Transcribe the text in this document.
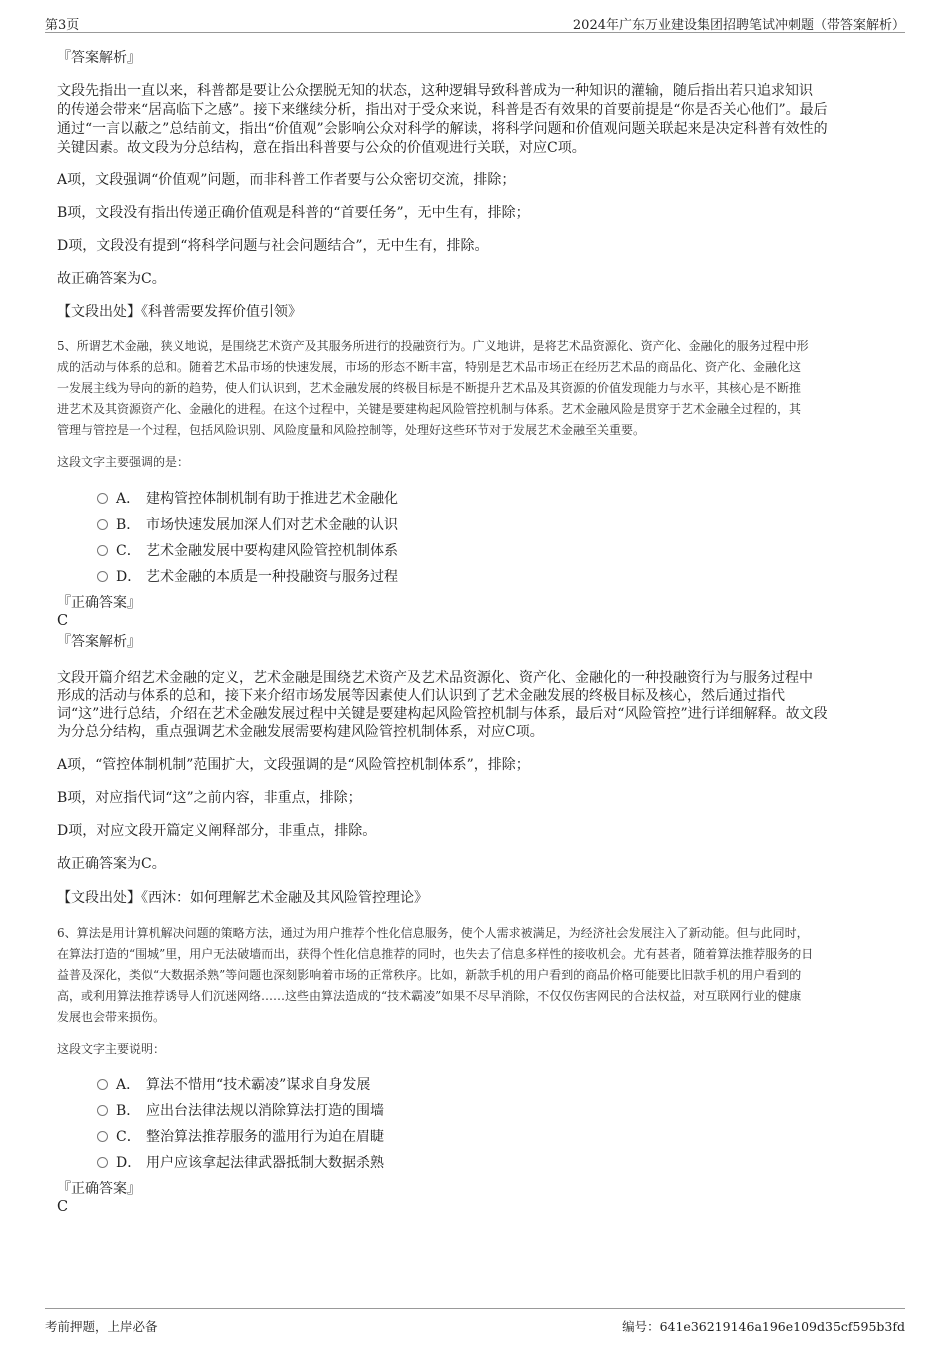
第3页	2024年广东万业建设集团招聘笔试冲刺题（带答案解析）
『答案解析』
文段先指出一直以来，科普都是要让公众摆脱无知的状态，这种逻辑导致科普成为一种知识的灌输，随后指出若只追求知识
的传递会带来“居高临下之感”。接下来继续分析，指出对于受众来说，科普是否有效果的首要前提是“你是否关心他们”。最后
通过“一言以蔽之”总结前文，指出“价值观”会影响公众对科学的解读，将科学问题和价值观问题关联起来是决定科普有效性的
关键因素。故文段为分总结构，意在指出科普要与公众的价值观进行关联，对应C项。
A项，文段强调“价值观”问题，而非科普工作者要与公众密切交流，排除；
B项，文段没有指出传递正确价值观是科普的“首要任务”，无中生有，排除；
D项，文段没有提到“将科学问题与社会问题结合”，无中生有，排除。
故正确答案为C。
【文段出处】《科普需要发挥价值引领》
5、所谓艺术金融，狭义地说，是围绕艺术资产及其服务所进行的投融资行为。广义地讲，是将艺术品资源化、资产化、金融化的服务过程中形
成的活动与体系的总和。随着艺术品市场的快速发展，市场的形态不断丰富，特别是艺术品市场正在经历艺术品的商品化、资产化、金融化这
一发展主线为导向的新的趋势，使人们认识到，艺术金融发展的终极目标是不断提升艺术品及其资源的价值发现能力与水平，其核心是不断推
进艺术及其资源资产化、金融化的进程。在这个过程中，关键是要建构起风险管控机制与体系。艺术金融风险是贯穿于艺术金融全过程的，其
管理与管控是一个过程，包括风险识别、风险度量和风险控制等，处理好这些环节对于发展艺术金融至关重要。
这段文字主要强调的是：
A． 建构管控体制机制有助于推进艺术金融化
B． 市场快速发展加深人们对艺术金融的认识
C． 艺术金融发展中要构建风险管控机制体系
D． 艺术金融的本质是一种投融资与服务过程
『正确答案』
C
『答案解析』
文段开篇介绍艺术金融的定义，艺术金融是围绕艺术资产及艺术品资源化、资产化、金融化的一种投融资行为与服务过程中
形成的活动与体系的总和，接下来介绍市场发展等因素使人们认识到了艺术金融发展的终极目标及核心，然后通过指代
词“这”进行总结，介绍在艺术金融发展过程中关键是要建构起风险管控机制与体系，最后对“风险管控”进行详细解释。故文段
为分总分结构，重点强调艺术金融发展需要构建风险管控机制体系，对应C项。
A项，“管控体制机制”范围扩大，文段强调的是“风险管控机制体系”，排除；
B项，对应指代词“这”之前内容，非重点，排除；
D项，对应文段开篇定义阐释部分，非重点，排除。
故正确答案为C。
【文段出处】《西沐：如何理解艺术金融及其风险管控理论》
6、算法是用计算机解决问题的策略方法，通过为用户推荐个性化信息服务，使个人需求被满足，为经济社会发展注入了新动能。但与此同时，
在算法打造的“围城”里，用户无法破墙而出，获得个性化信息推荐的同时，也失去了信息多样性的接收机会。尤有甚者，随着算法推荐服务的日
益普及深化，类似“大数据杀熟”等问题也深刻影响着市场的正常秩序。比如，新款手机的用户看到的商品价格可能要比旧款手机的用户看到的
高，或利用算法推荐诱导人们沉迷网络……这些由算法造成的“技术霸凌”如果不尽早消除，不仅仅伤害网民的合法权益，对互联网行业的健康
发展也会带来损伤。
这段文字主要说明：
A． 算法不惜用“技术霸凌”谋求自身发展
B． 应出台法律法规以消除算法打造的围墙
C． 整治算法推荐服务的滥用行为迫在眉睫
D． 用户应该拿起法律武器抵制大数据杀熟
『正确答案』
C
考前押题，上岸必备	编号：641e36219146a196e109d35cf595b3fd
